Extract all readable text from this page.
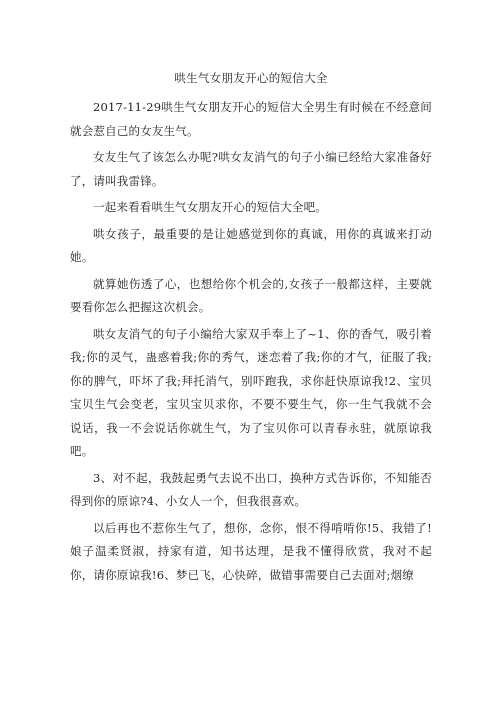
哄生气女朋友开心的短信大全

2017-11-29哄生气女朋友开心的短信大全男生有时候在不经意间就会惹自己的女友生气。

女友生气了该怎么办呢?哄女友消气的句子小编已经给大家准备好了，请叫我雷锋。

一起来看看哄生气女朋友开心的短信大全吧。

哄女孩子，最重要的是让她感觉到你的真诚，用你的真诚来打动她。

就算她伤透了心，也想给你个机会的,女孩子一般都这样，主要就要看你怎么把握这次机会。

哄女友消气的句子小编给大家双手奉上了~1、你的香气，吸引着我;你的灵气，蛊惑着我;你的秀气，迷恋着了我;你的才气，征服了我;你的脾气，吓坏了我;拜托消气，别吓跑我，求你赶快原谅我!2、宝贝宝贝生气会变老，宝贝宝贝求你，不要不要生气，你一生气我就不会说话，我一不会说话你就生气，为了宝贝你可以青春永驻，就原谅我吧。

3、对不起，我鼓起勇气去说不出口，换种方式告诉你，不知能否得到你的原谅?4、小女人一个，但我很喜欢。

以后再也不惹你生气了，想你，念你，恨不得啃啃你!5、我错了!娘子温柔贤淑，持家有道，知书达理，是我不懂得欣赏，我对不起你，请你原谅我!6、梦已飞，心快碎，做错事需要自己去面对;烟缭
